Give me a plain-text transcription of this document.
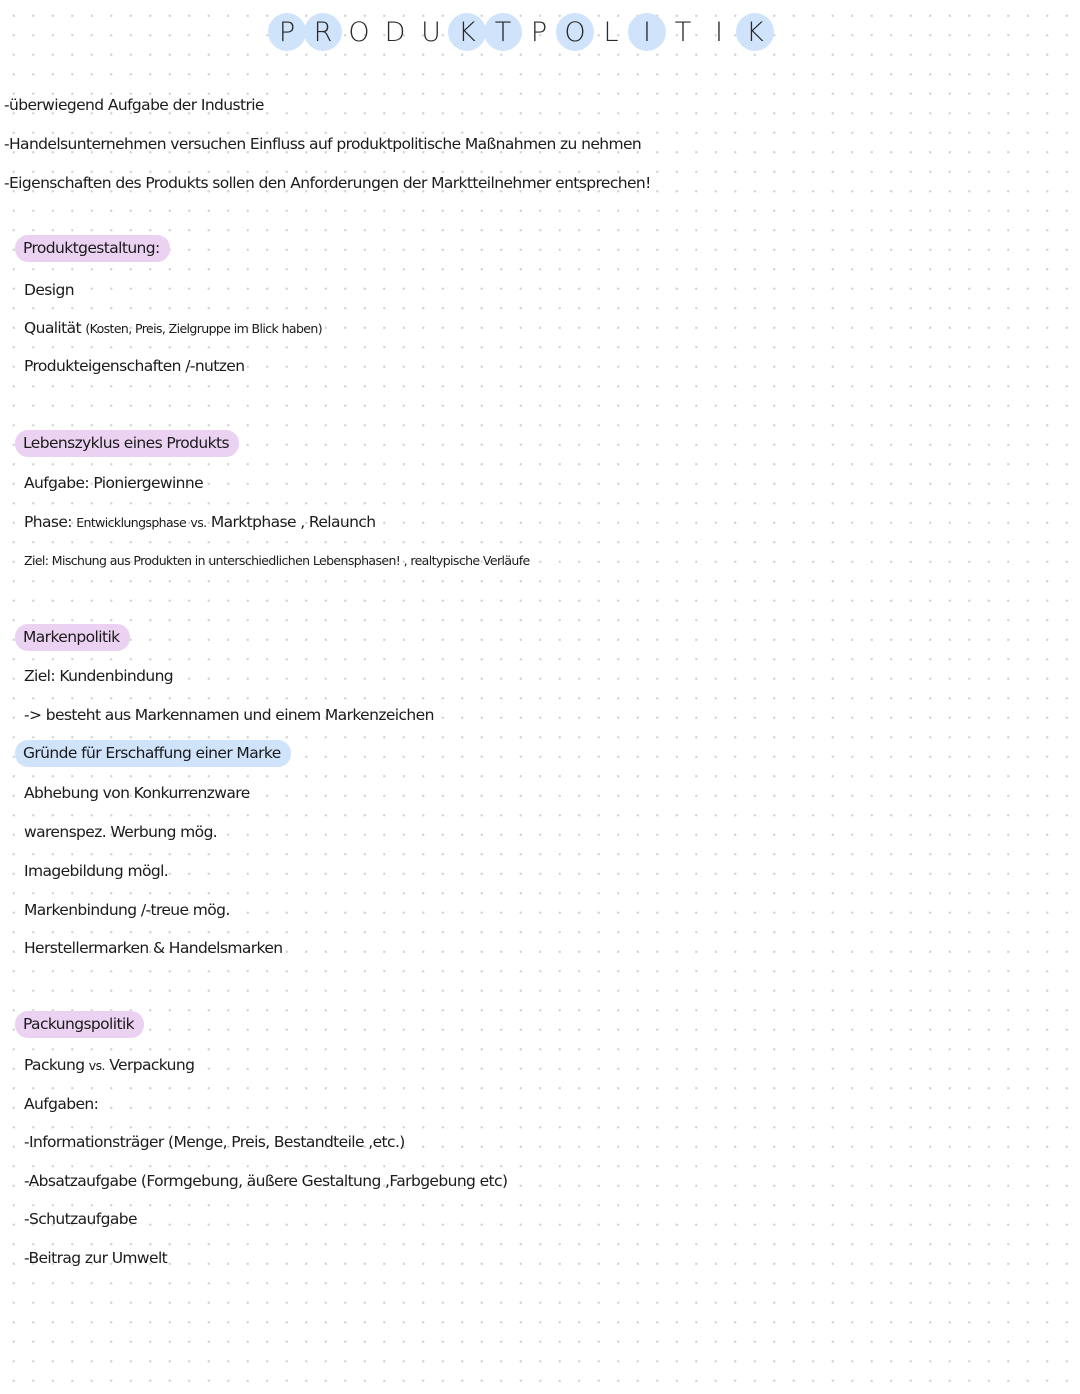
P R O D U K T P O L I T I K
-überwiegend Aufgabe der Industrie
-Handelsunternehmen versuchen Einfluss auf produktpolitische Maßnahmen zu nehmen
-Eigenschaften des Produkts sollen den Anforderungen der Marktteilnehmer entsprechen!
Produktgestaltung:
Design
Qualität (Kosten, Preis, Zielgruppe im Blick haben)
Produkteigenschaften /-nutzen
Lebenszyklus eines Produkts
Aufgabe: Pioniergewinne
Phase: Entwicklungsphase vs. Marktphase , Relaunch
Ziel: Mischung aus Produkten in unterschiedlichen Lebensphasen! , realtypische Verläufe
Markenpolitik
Ziel: Kundenbindung
-> besteht aus Markennamen und einem Markenzeichen
Gründe für Erschaffung einer Marke
Abhebung von Konkurrenzware
warenspez. Werbung mög.
Imagebildung mögl.
Markenbindung /-treue mög.
Herstellermarken & Handelsmarken
Packungspolitik
Packung vs. Verpackung
Aufgaben:
-Informationsträger (Menge, Preis, Bestandteile ,etc.)
-Absatzaufgabe (Formgebung, äußere Gestaltung ,Farbgebung etc)
-Schutzaufgabe
-Beitrag zur Umwelt
